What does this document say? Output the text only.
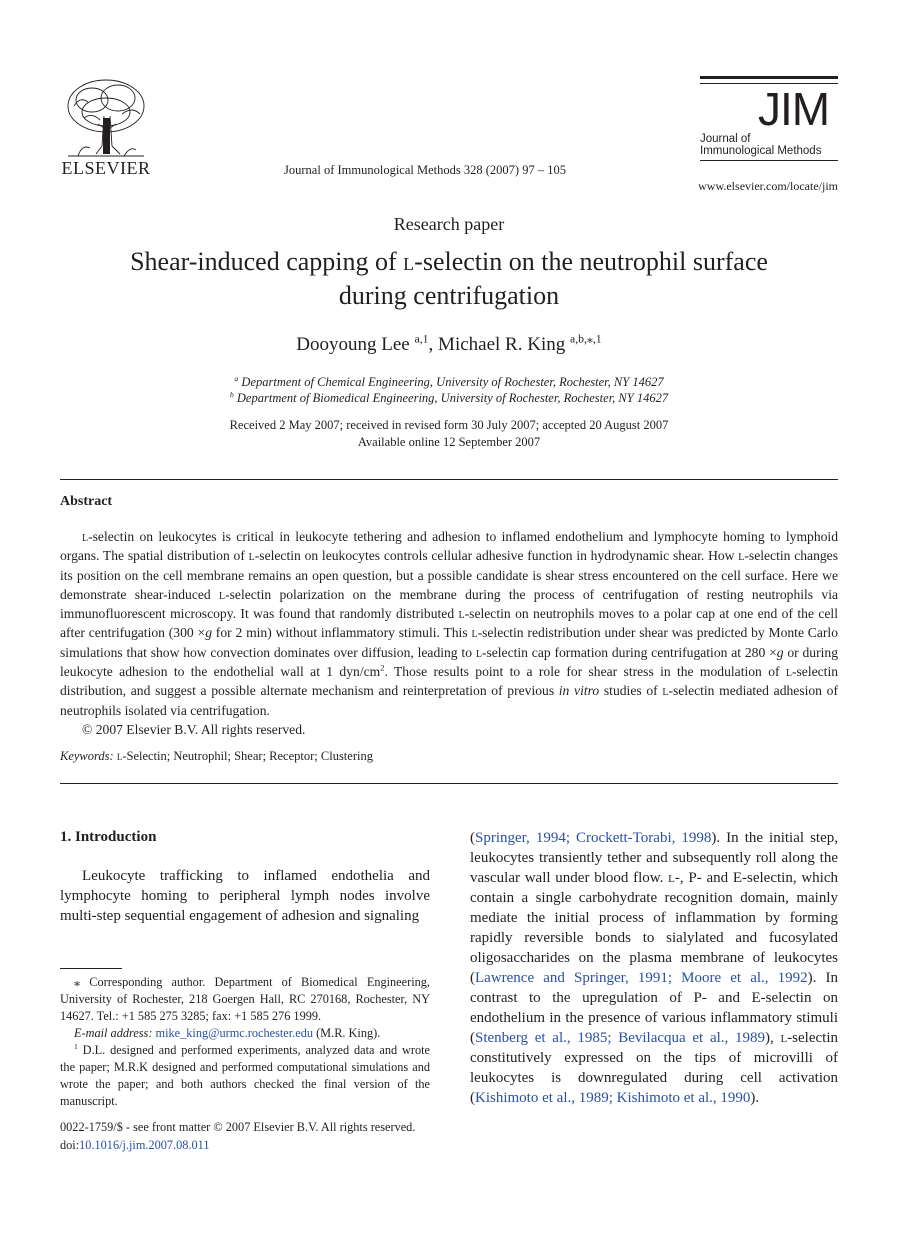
ELSEVIER	Journal of Immunological Methods 328 (2007) 97 – 105
JIM
Journal of
Immunological Methods
www.elsevier.com/locate/jim
Research paper
Shear-induced capping of l-selectin on the neutrophil surface
during centrifugation
Dooyoung Lee $^{a,1}$, Michael R. King $^{a,b,⁎,1}$
$^a$ Department of Chemical Engineering, University of Rochester, Rochester, NY 14627
$^b$ Department of Biomedical Engineering, University of Rochester, Rochester, NY 14627
Received 2 May 2007; received in revised form 30 July 2007; accepted 20 August 2007
Available online 12 September 2007
Abstract

l-selectin on leukocytes is critical in leukocyte tethering and adhesion to inflamed endothelium and lymphocyte homing to lymphoid organs. The spatial distribution of l-selectin on leukocytes controls cellular adhesive function in hydrodynamic shear. How l-selectin changes its position on the cell membrane remains an open question, but a possible candidate is shear stress encountered on the cell surface. Here we demonstrate shear-induced l-selectin polarization on the membrane during the process of centrifugation of resting neutrophils via immunofluorescent microscopy. It was found that randomly distributed l-selectin on neutrophils moves to a polar cap at one end of the cell after centrifugation (300 ×g for 2 min) without inflammatory stimuli. This l-selectin redistribution under shear was predicted by Monte Carlo simulations that show how convection dominates over diffusion, leading to l-selectin cap formation during centrifugation at 280 ×g or during leukocyte adhesion to the endothelial wall at 1 dyn/$cm^2$. Those results point to a role for shear stress in the modulation of l-selectin distribution, and suggest a possible alternate mechanism and reinterpretation of previous in vitro studies of l-selectin mediated adhesion of neutrophils isolated via centrifugation.

© 2007 Elsevier B.V. All rights reserved.

Keywords: l-Selectin; Neutrophil; Shear; Receptor; Clustering
1. Introduction

Leukocyte trafficking to inflamed endothelia and lymphocyte homing to peripheral lymph nodes involve multi-step sequential engagement of adhesion and signaling

⁎ Corresponding author. Department of Biomedical Engineering, University of Rochester, 218 Goergen Hall, RC 270168, Rochester, NY 14627. Tel.: +1 585 275 3285; fax: +1 585 276 1999.

E-mail address: mike_king@urmc.rochester.edu (M.R. King).

$^1$ D.L. designed and performed experiments, analyzed data and wrote the paper; M.R.K designed and performed computational simulations and wrote the paper; and both authors checked the final version of the manuscript.

0022-1759/$ - see front matter © 2007 Elsevier B.V. All rights reserved.
doi:10.1016/j.jim.2007.08.011

(Springer, 1994; Crockett-Torabi, 1998). In the initial step, leukocytes transiently tether and subsequently roll along the vascular wall under blood flow. l-, P- and E-selectin, which contain a single carbohydrate recognition domain, mainly mediate the initial process of inflammation by forming rapidly reversible bonds to sialylated and fucosylated oligosaccharides on the plasma membrane of leukocytes (Lawrence and Springer, 1991; Moore et al., 1992). In contrast to the upregulation of P- and E-selectin on endothelium in the presence of various inflammatory stimuli (Stenberg et al., 1985; Bevilacqua et al., 1989), l-selectin constitutively expressed on the tips of microvilli of leukocytes is downregulated during cell activation (Kishimoto et al., 1989; Kishimoto et al., 1990).
